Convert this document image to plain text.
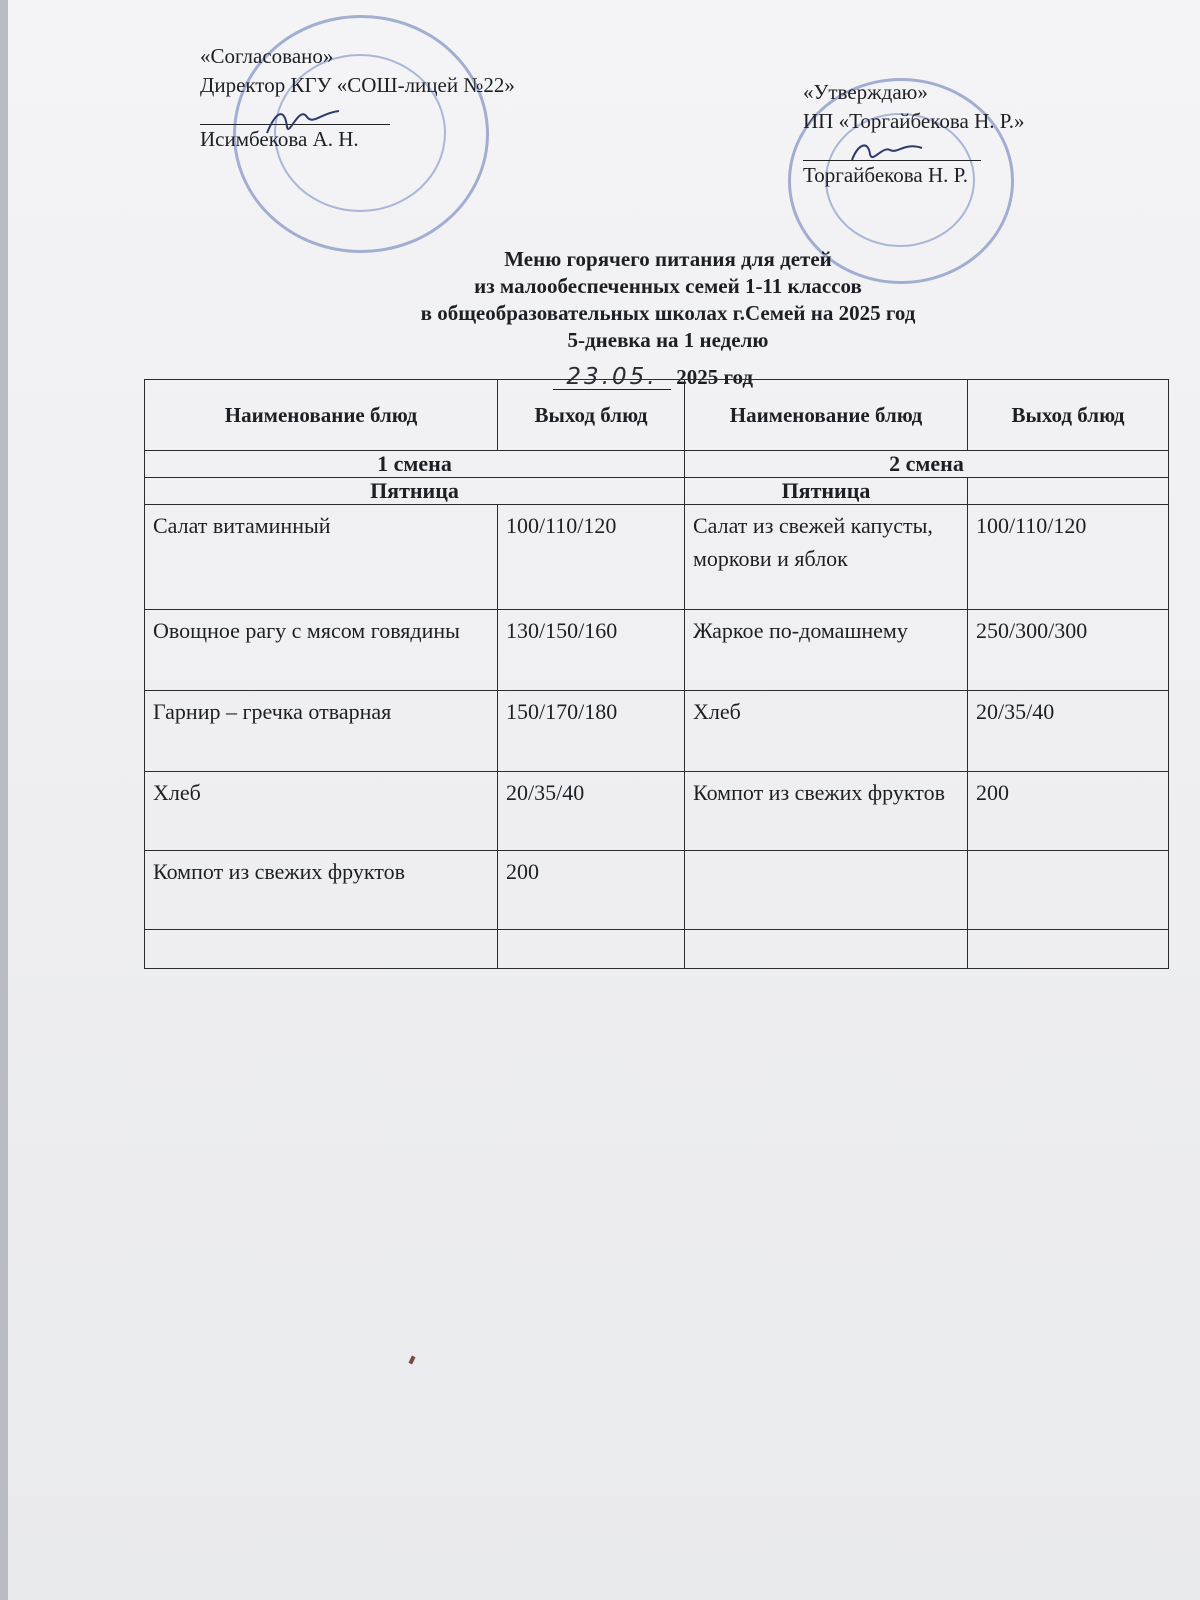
«Согласовано»
Директор КГУ «СОШ-лицей №22»
Исимбекова А. Н.
«Утверждаю»
ИП «Торгайбекова Н. Р.»
Торгайбекова Н. Р.
Меню горячего питания для детей
из малообеспеченных семей 1-11 классов
в общеобразовательных школах г.Семей на 2025 год
5-дневка на 1 неделю
23.05. 2025 год
Наименование блюд	Выход блюд	Наименование блюд	Выход блюд
1 смена		2 смена	
Пятница		Пятница	
Салат витаминный	100/110/120	Салат из свежей капусты, моркови и яблок	100/110/120
Овощное рагу с мясом говядины	130/150/160	Жаркое по-домашнему	250/300/300
Гарнир – гречка отварная	150/170/180	Хлеб	20/35/40
Хлеб	20/35/40	Компот из свежих фруктов	200
Компот из свежих фруктов	200		
